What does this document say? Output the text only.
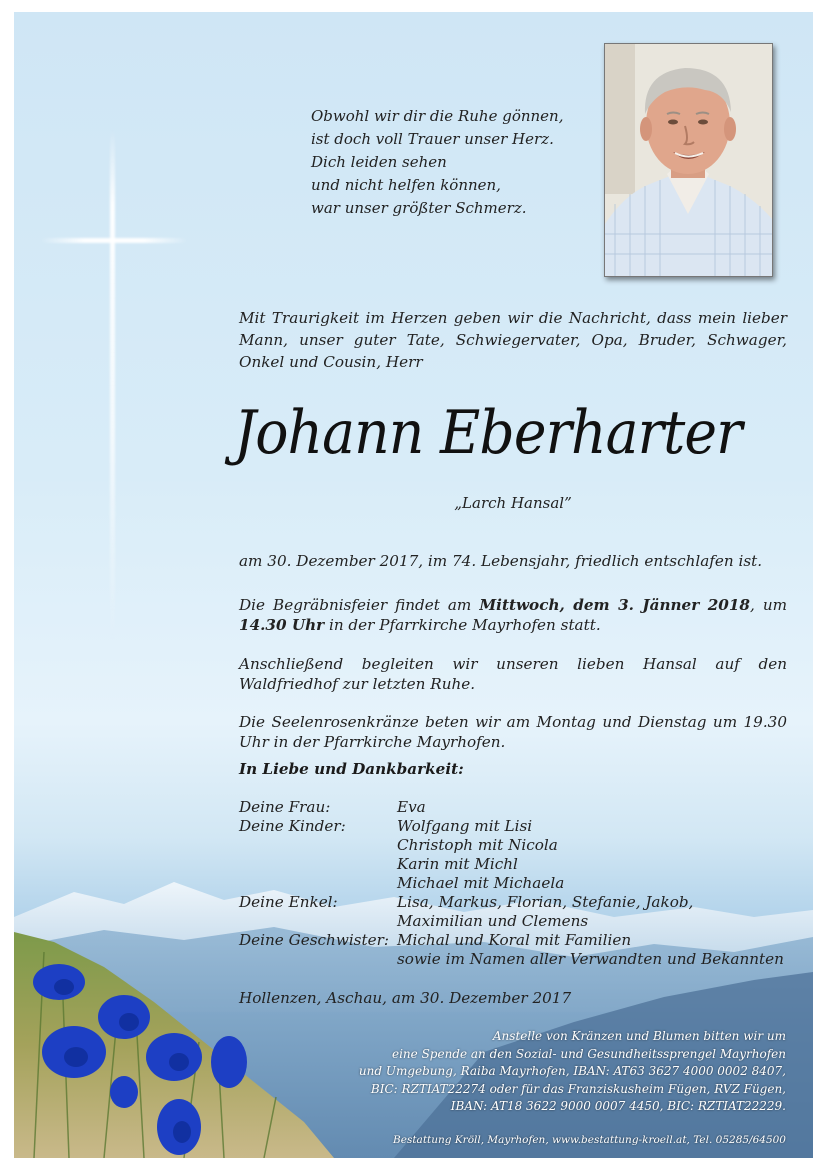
Obwohl wir dir die Ruhe gönnen,
ist doch voll Trauer unser Herz.
Dich leiden sehen
und nicht helfen können,
war unser größter Schmerz.
Mit Traurigkeit im Herzen geben wir die Nachricht, dass mein lieber Mann, unser guter Tate, Schwiegervater, Opa, Bruder, Schwager, Onkel und Cousin, Herr
Johann Eberharter
„Larch Hansal”
am 30. Dezember 2017, im 74. Lebensjahr, friedlich entschlafen ist.
Die Begräbnisfeier findet am Mittwoch, dem 3. Jänner 2018, um 14.30 Uhr in der Pfarrkirche Mayrhofen statt.
Anschließend begleiten wir unseren lieben Hansal auf den Waldfriedhof zur letzten Ruhe.
Die Seelenrosenkränze beten wir am Montag und Dienstag um 19.30 Uhr in der Pfarrkirche Mayrhofen.
In Liebe und Dankbarkeit:
Deine Frau:	Eva
Deine Kinder:	Wolfgang mit Lisi
Christoph mit Nicola
Karin mit Michl
Michael mit Michaela
Deine Enkel:	Lisa, Markus, Florian, Stefanie, Jakob,
Maximilian und Clemens
Deine Geschwister: Michal und Koral mit Familien
sowie im Namen aller Verwandten und Bekannten
Hollenzen, Aschau, am 30. Dezember 2017
Anstelle von Kränzen und Blumen bitten wir um
eine Spende an den Sozial- und Gesundheitssprengel Mayrhofen
und Umgebung, Raiba Mayrhofen, IBAN: AT63 3627 4000 0002 8407,
BIC: RZTIAT22274 oder für das Franziskusheim Fügen, RVZ Fügen,
IBAN: AT18 3622 9000 0007 4450, BIC: RZTIAT22229.
Bestattung Kröll, Mayrhofen, www.bestattung-kroell.at, Tel. 05285/64500
